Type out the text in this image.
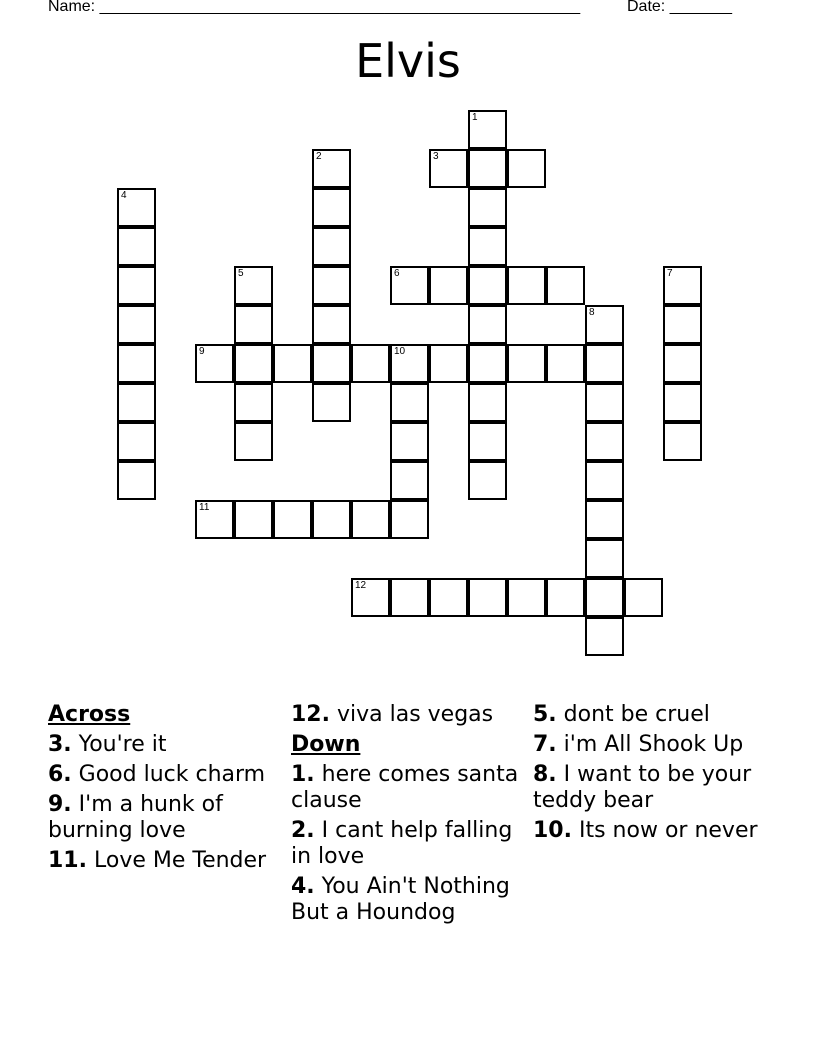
Name: ______________________________________________________	Date: _______
Elvis
1
2	3
4
5	6	7
8
9	10
11
12
Across
3. You're it
6. Good luck charm
9. I'm a hunk of burning love
11. Love Me Tender
12. viva las vegas
Down
1. here comes santa clause
2. I cant help falling in love
4. You Ain't Nothing But a Houndog
5. dont be cruel
7. i'm All Shook Up
8. I want to be your teddy bear
10. Its now or never
